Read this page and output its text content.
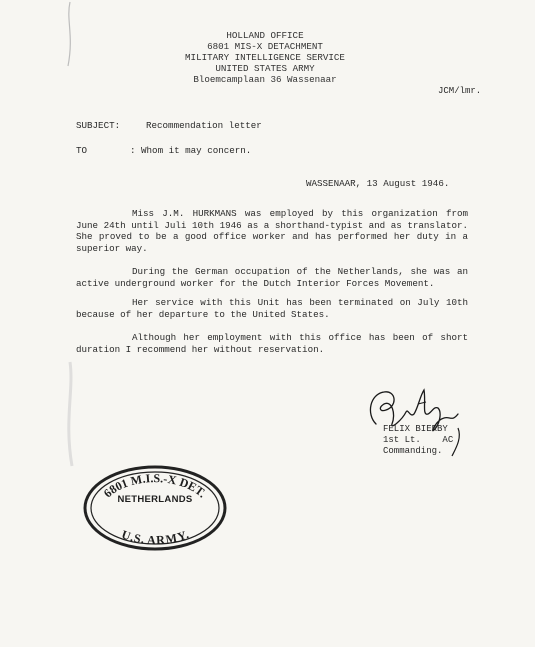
HOLLAND OFFICE
6801 MIS-X DETACHMENT
MILITARY INTELLIGENCE SERVICE
UNITED STATES ARMY
Bloemcamplaan 36 Wassenaar
JCM/lmr.
SUBJECT:	Recommendation letter
TO	: Whom it may concern.
WASSENAAR, 13 August 1946.

Miss J.M. HURKMANS was employed by this organization from June 24th until Juli 10th 1946 as a shorthand-typist and as translator. She proved to be a good office worker and has performed her duty in a superior way.

During the German occupation of the Netherlands, she was an active underground worker for the Dutch Interior Forces Movement.

Her service with this Unit has been terminated on July 10th because of her departure to the United States.

Although her employment with this office has been of short duration I recommend her without reservation.

FELIX BIERBY
1st Lt. AC
Commanding.
6801 M.I.S.-X DET.
U.S. ARMY.
NETHERLANDS
